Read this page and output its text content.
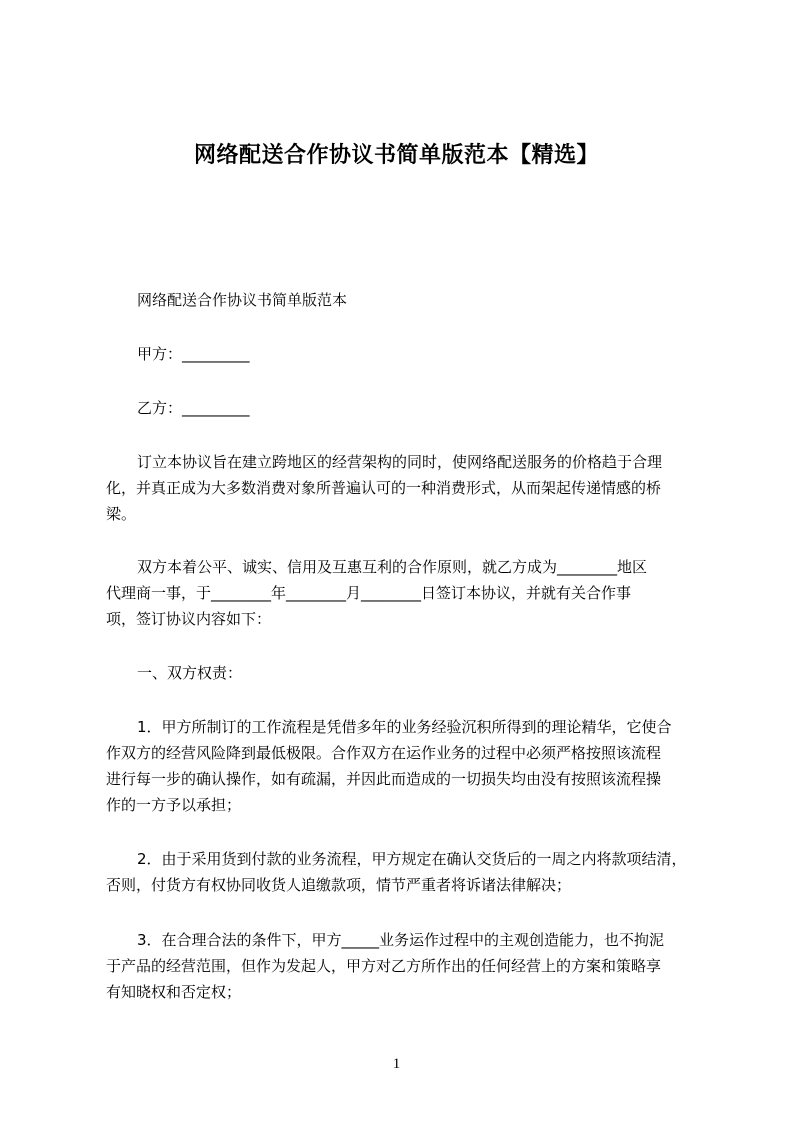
网络配送合作协议书简单版范本【精选】
网络配送合作协议书简单版范本
甲方：_________
乙方：_________
订立本协议旨在建立跨地区的经营架构的同时，使网络配送服务的价格趋于合理
化，并真正成为大多数消费对象所普遍认可的一种消费形式，从而架起传递情感的桥
梁。
双方本着公平、诚实、信用及互惠互利的合作原则，就乙方成为________地区
代理商一事，于________年________月________日签订本协议，并就有关合作事
项，签订协议内容如下：
一、双方权责：
1．甲方所制订的工作流程是凭借多年的业务经验沉积所得到的理论精华，它使合
作双方的经营风险降到最低极限。合作双方在运作业务的过程中必须严格按照该流程
进行每一步的确认操作，如有疏漏，并因此而造成的一切损失均由没有按照该流程操
作的一方予以承担；
2．由于采用货到付款的业务流程，甲方规定在确认交货后的一周之内将款项结清，
否则，付货方有权协同收货人追缴款项，情节严重者将诉诸法律解决；
3．在合理合法的条件下，甲方_____业务运作过程中的主观创造能力，也不拘泥
于产品的经营范围，但作为发起人，甲方对乙方所作出的任何经营上的方案和策略享
有知晓权和否定权；
1
